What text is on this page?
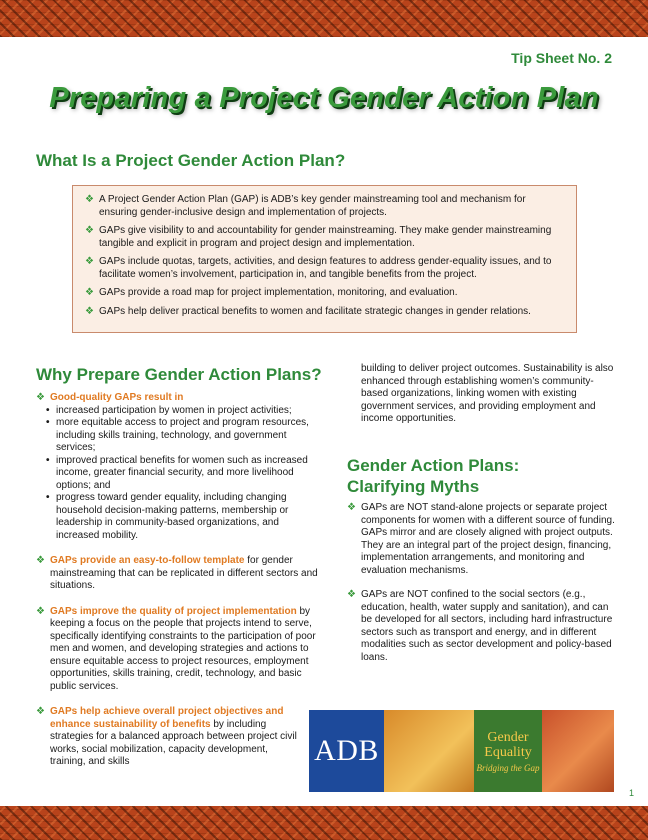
Tip Sheet No. 2
Preparing a Project Gender Action Plan
What Is a Project Gender Action Plan?
❖ A Project Gender Action Plan (GAP) is ADB’s key gender mainstreaming tool and mechanism for ensuring gender-inclusive design and implementation of projects.
❖ GAPs give visibility to and accountability for gender mainstreaming. They make gender mainstreaming tangible and explicit in program and project design and implementation.
❖ GAPs include quotas, targets, activities, and design features to address gender-equality issues, and to facilitate women’s involvement, participation in, and tangible benefits from the project.
❖ GAPs provide a road map for project implementation, monitoring, and evaluation.
❖ GAPs help deliver practical benefits to women and facilitate strategic changes in gender relations.
Why Prepare Gender Action Plans?
❖ Good-quality GAPs result in
• increased participation by women in project activities;
• more equitable access to project and program resources, including skills training, technology, and government services;
• improved practical benefits for women such as increased income, greater financial security, and more livelihood options; and
• progress toward gender equality, including changing household decision-making patterns, membership or leadership in community-based organizations, and increased mobility.
❖ GAPs provide an easy-to-follow template for gender mainstreaming that can be replicated in different sectors and situations.
❖ GAPs improve the quality of project implementation by keeping a focus on the people that projects intend to serve, specifically identifying constraints to the participation of poor men and women, and developing strategies and actions to ensure equitable access to project resources, employment opportunities, skills training, credit, technology, and basic public services.
❖ GAPs help achieve overall project objectives and enhance sustainability of benefits by including strategies for a balanced approach between project civil works, social mobilization, capacity development, training, and skills
building to deliver project outcomes. Sustainability is also enhanced through establishing women’s community-based organizations, linking women with existing government services, and providing employment and income opportunities.
Gender Action Plans:
Clarifying Myths
❖ GAPs are NOT stand-alone projects or separate project components for women with a different source of funding. GAPs mirror and are closely aligned with project outputs. They are an integral part of the project design, financing, implementation arrangements, and monitoring and evaluation mechanisms.
❖ GAPs are NOT confined to the social sectors (e.g., education, health, water supply and sanitation), and can be developed for all sectors, including hard infrastructure sectors such as transport and energy, and in different modalities such as sector development and policy-based loans.
ADB	Gender
Equality
Bridging the Gap
1
